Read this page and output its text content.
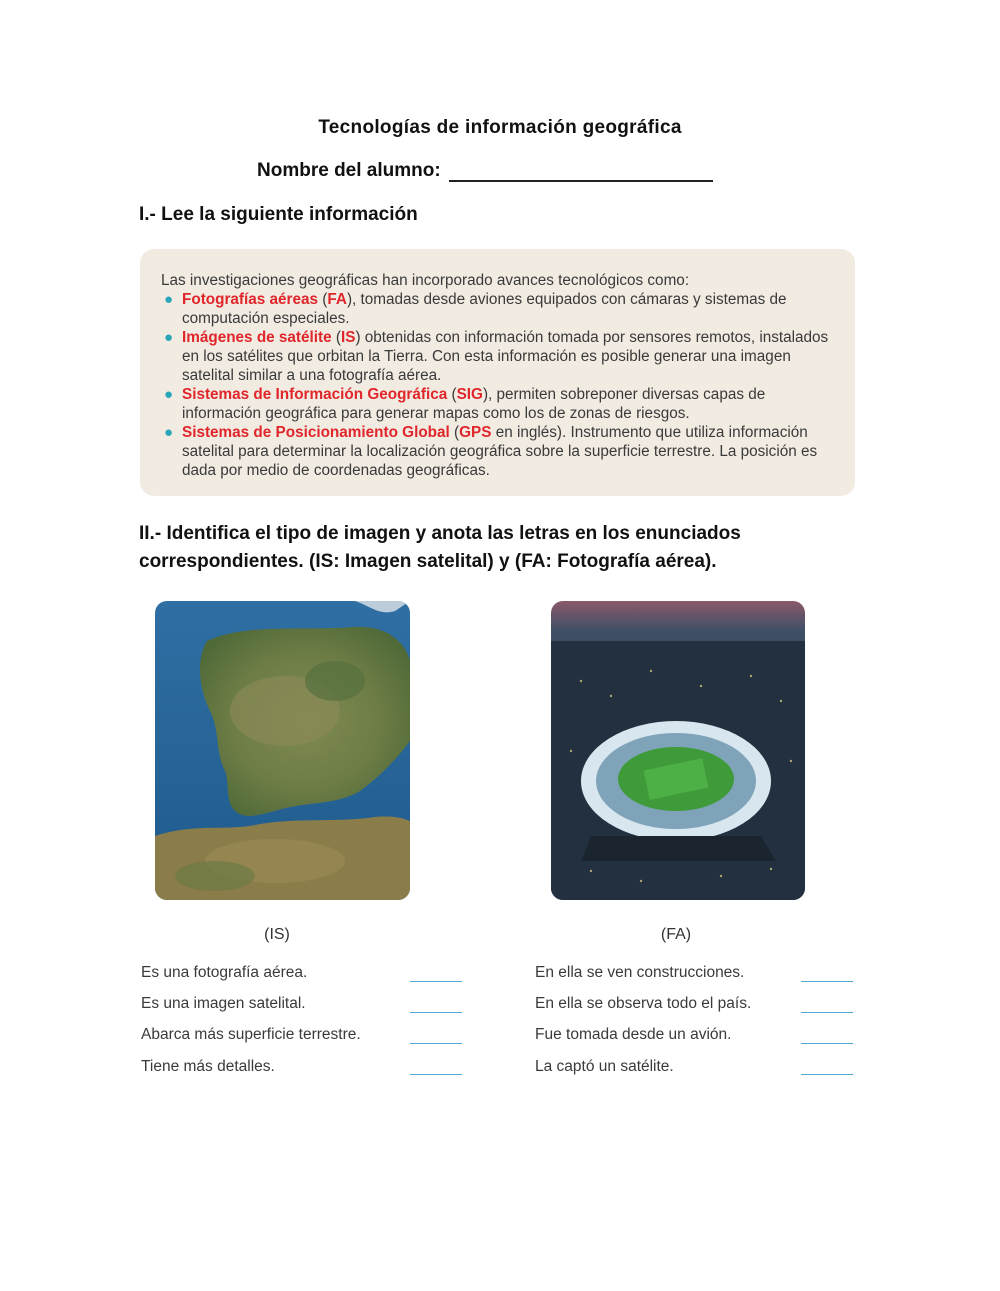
Tecnologías de información geográfica
Nombre del alumno:
I.- Lee la siguiente información
Las investigaciones geográficas han incorporado avances tecnológicos como:
● Fotografías aéreas (FA), tomadas desde aviones equipados con cámaras y sistemas de computación especiales.
● Imágenes de satélite (IS) obtenidas con información tomada por sensores remotos, instalados en los satélites que orbitan la Tierra. Con esta información es posible generar una imagen satelital similar a una fotografía aérea.
● Sistemas de Información Geográfica (SIG), permiten sobreponer diversas capas de información geográfica para generar mapas como los de zonas de riesgos.
● Sistemas de Posicionamiento Global (GPS en inglés). Instrumento que utiliza información satelital para determinar la localización geográfica sobre la superficie terrestre. La posición es dada por medio de coordenadas geográficas.
II.- Identifica el tipo de imagen y anota las letras en los enunciados correspondientes. (IS: Imagen satelital) y (FA: Fotografía aérea).
(IS)	(FA)
Es una fotografía aérea.
Es una imagen satelital.
Abarca más superficie terrestre.
Tiene más detalles.
En ella se ven construcciones.
En ella se observa todo el país.
Fue tomada desde un avión.
La captó un satélite.
